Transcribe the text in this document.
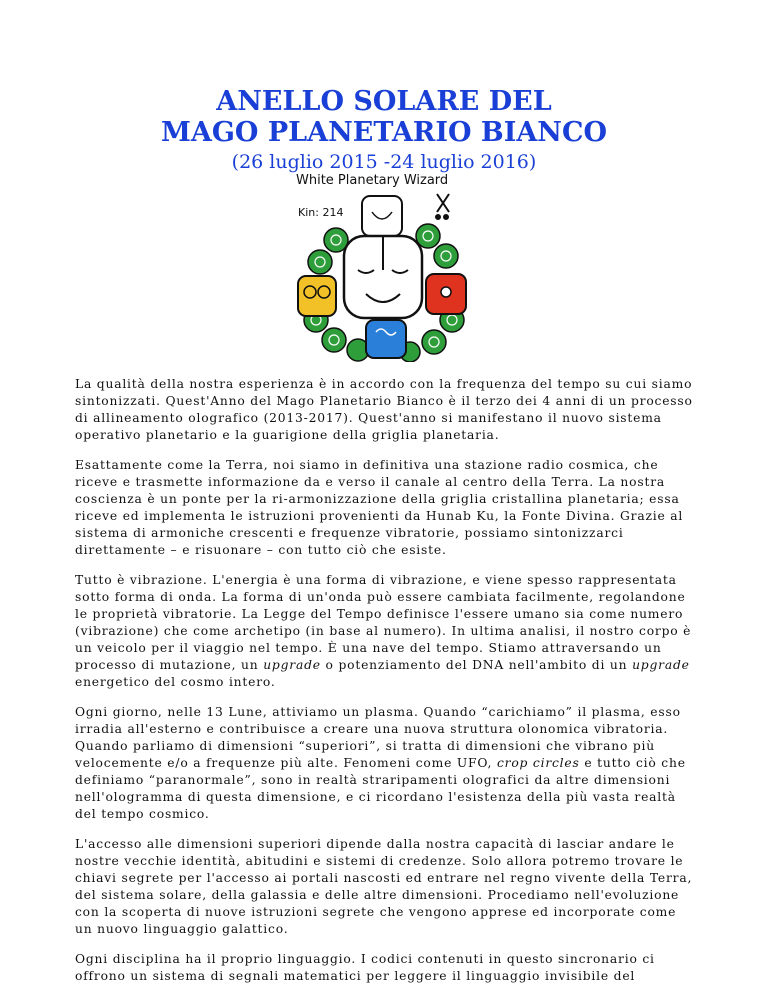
ANELLO SOLARE DEL
MAGO PLANETARIO BIANCO
(26 luglio 2015 -24 luglio 2016)
White Planetary Wizard
Kin: 214

La qualità della nostra esperienza è in accordo con la frequenza del tempo su cui siamo sintonizzati. Quest'Anno del Mago Planetario Bianco è il terzo dei 4 anni di un processo di allineamento olografico (2013-2017). Quest'anno si manifestano il nuovo sistema operativo planetario e la guarigione della griglia planetaria.

Esattamente come la Terra, noi siamo in definitiva una stazione radio cosmica, che riceve e trasmette informazione da e verso il canale al centro della Terra. La nostra coscienza è un ponte per la ri-armonizzazione della griglia cristallina planetaria; essa riceve ed implementa le istruzioni provenienti da Hunab Ku, la Fonte Divina. Grazie al sistema di armoniche crescenti e frequenze vibratorie, possiamo sintonizzarci direttamente – e risuonare – con tutto ciò che esiste.

Tutto è vibrazione. L'energia è una forma di vibrazione, e viene spesso rappresentata sotto forma di onda. La forma di un'onda può essere cambiata facilmente, regolandone le proprietà vibratorie. La Legge del Tempo definisce l'essere umano sia come numero (vibrazione) che come archetipo (in base al numero). In ultima analisi, il nostro corpo è un veicolo per il viaggio nel tempo. È una nave del tempo. Stiamo attraversando un processo di mutazione, un upgrade o potenziamento del DNA nell'ambito di un upgrade energetico del cosmo intero.

Ogni giorno, nelle 13 Lune, attiviamo un plasma. Quando “carichiamo” il plasma, esso irradia all'esterno e contribuisce a creare una nuova struttura olonomica vibratoria. Quando parliamo di dimensioni “superiori”, si tratta di dimensioni che vibrano più velocemente e/o a frequenze più alte. Fenomeni come UFO, crop circles e tutto ciò che definiamo “paranormale”, sono in realtà straripamenti olografici da altre dimensioni nell'ologramma di questa dimensione, e ci ricordano l'esistenza della più vasta realtà del tempo cosmico.

L'accesso alle dimensioni superiori dipende dalla nostra capacità di lasciar andare le nostre vecchie identità, abitudini e sistemi di credenze. Solo allora potremo trovare le chiavi segrete per l'accesso ai portali nascosti ed entrare nel regno vivente della Terra, del sistema solare, della galassia e delle altre dimensioni. Procediamo nell'evoluzione con la scoperta di nuove istruzioni segrete che vengono apprese ed incorporate come un nuovo linguaggio galattico.

Ogni disciplina ha il proprio linguaggio. I codici contenuti in questo sincronario ci offrono un sistema di segnali matematici per leggere il linguaggio invisibile del
